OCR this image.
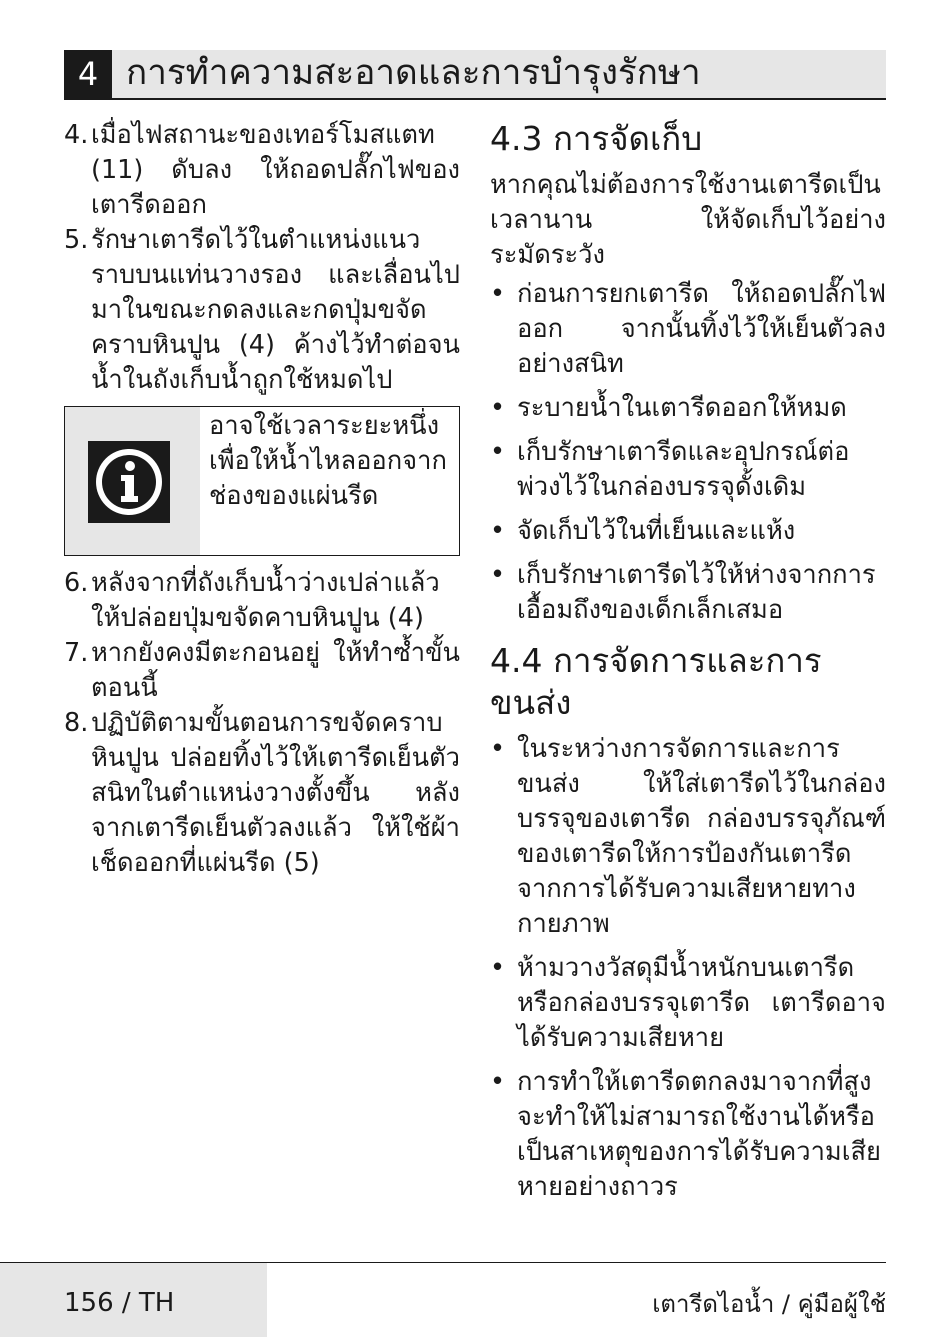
4 การทำความสะอาดและการบำรุงรักษา
4. เมื่อไฟสถานะของเทอร์โมสแตท (11) ดับลง ให้ถอดปลั๊กไฟของเตารีดออก
5. รักษาเตารีดไว้ในตำแหน่งแนวราบบนแท่นวางรอง และเลื่อนไปมาในขณะกดลงและกดปุ่มขจัดคราบหินปูน (4) ค้างไว้ทำต่อจนน้ำในถังเก็บน้ำถูกใช้หมดไป
อาจใช้เวลาระยะหนึ่งเพื่อให้น้ำไหลออกจากช่องของแผ่นรีด
6. หลังจากที่ถังเก็บน้ำว่างเปล่าแล้ว ให้ปล่อยปุ่มขจัดคาบหินปูน (4)
7. หากยังคงมีตะกอนอยู่ ให้ทำซ้ำขั้นตอนนี้
8. ปฏิบัติตามขั้นตอนการขจัดคราบหินปูน ปล่อยทิ้งไว้ให้เตารีดเย็นตัวสนิทในตำแหน่งวางตั้งขึ้น หลังจากเตารีดเย็นตัวลงแล้ว ให้ใช้ผ้าเช็ดออกที่แผ่นรีด (5)
4.3 การจัดเก็บ

หากคุณไม่ต้องการใช้งานเตารีดเป็นเวลานาน ให้จัดเก็บไว้อย่างระมัดระวัง

• ก่อนการยกเตารีด ให้ถอดปลั๊กไฟออก จากนั้นทิ้งไว้ให้เย็นตัวลงอย่างสนิท
• ระบายน้ำในเตารีดออกให้หมด
• เก็บรักษาเตารีดและอุปกรณ์ต่อพ่วงไว้ในกล่องบรรจุดั้งเดิม
• จัดเก็บไว้ในที่เย็นและแห้ง
• เก็บรักษาเตารีดไว้ให้ห่างจากการเอื้อมถึงของเด็กเล็กเสมอ
4.4 การจัดการและการขนส่ง
• ในระหว่างการจัดการและการขนส่ง ให้ใส่เตารีดไว้ในกล่องบรรจุของเตารีด กล่องบรรจุภัณฑ์ของเตารีดให้การป้องกันเตารีดจากการได้รับความเสียหายทางกายภาพ
• ห้ามวางวัสดุมีน้ำหนักบนเตารีดหรือกล่องบรรจุเตารีด เตารีดอาจได้รับความเสียหาย
• การทำให้เตารีดตกลงมาจากที่สูงจะทำให้ไม่สามารถใช้งานได้หรือเป็นสาเหตุของการได้รับความเสียหายอย่างถาวร
156 / TH	เตารีดไอน้ำ / คู่มือผู้ใช้
